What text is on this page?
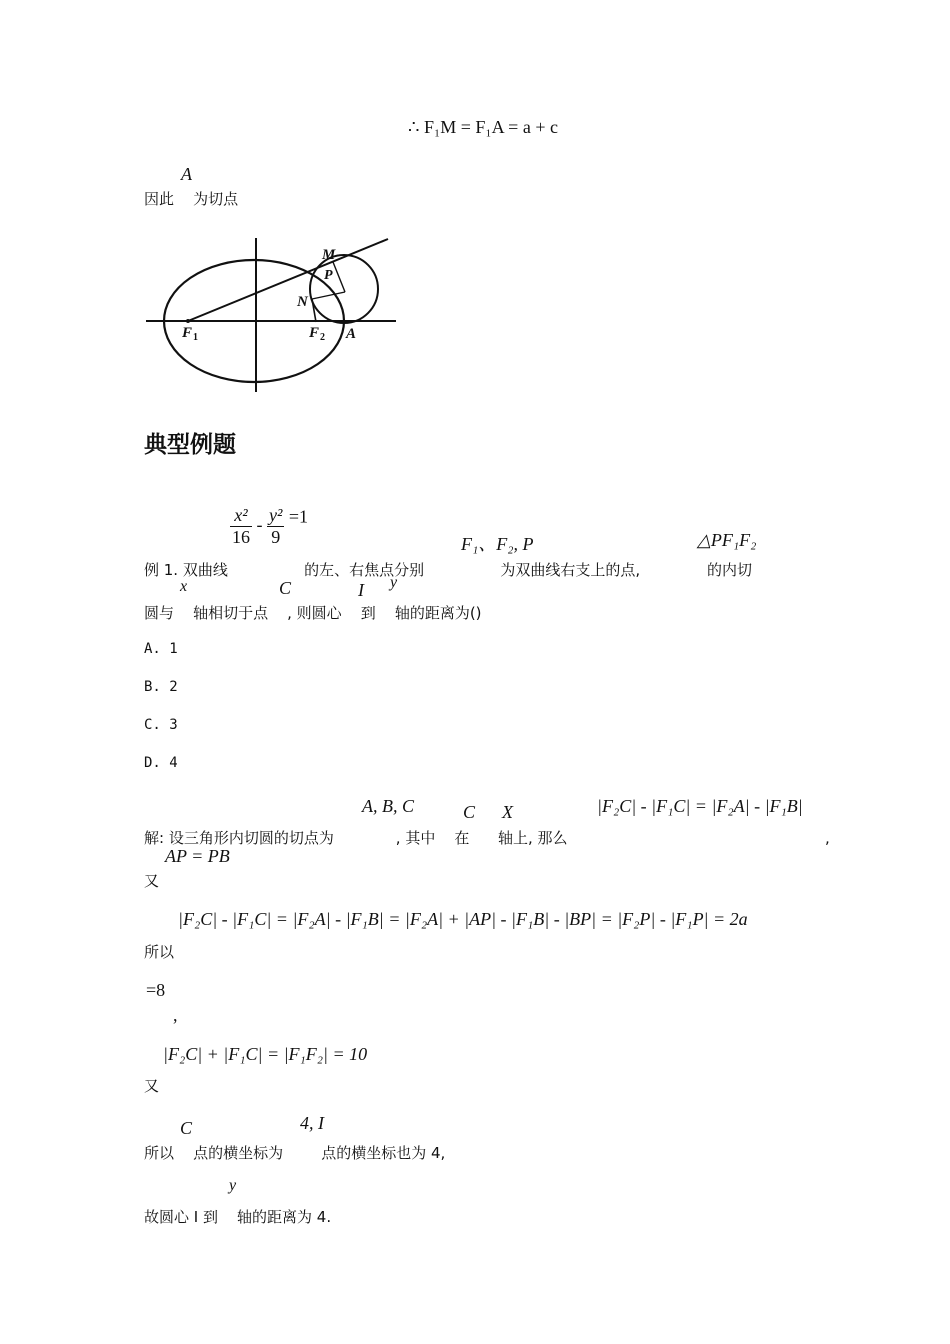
∴ F₁M = F₁A = a + c
A
因此    为切点
M
P
N
F 1	F 2 A
典型例题
$\frac{\text{x²}}{16} - \frac{\text{y²}}{9} =1$
F₁、F₂, P	△PF₁F₂
例 1. 双曲线                的左、右焦点分别                为双曲线右支上的点,              的内切
x	C	I y
圆与    轴相切于点    , 则圆心    到    轴的距离为()
A. 1
B. 2
C. 3
D. 4
A, B, C	C X	|F₂C| - |F₁C| = |F₂A| - |F₁B|
解: 设三角形内切圆的切点为             , 其中    在      轴上, 那么                                                      ,
AP = PB
又
|F₂C| - |F₁C| = |F₂A| - |F₁B| = |F₂A| + |AP| - |F₁B| - |BP| = |F₂P| - |F₁P| = 2a
所以
=8
,
|F₂C| + |F₁C| = |F₁F₂| = 10
又
C	4, I
所以    点的横坐标为        点的横坐标也为 4,
y
故圆心 I 到    轴的距离为 4.
